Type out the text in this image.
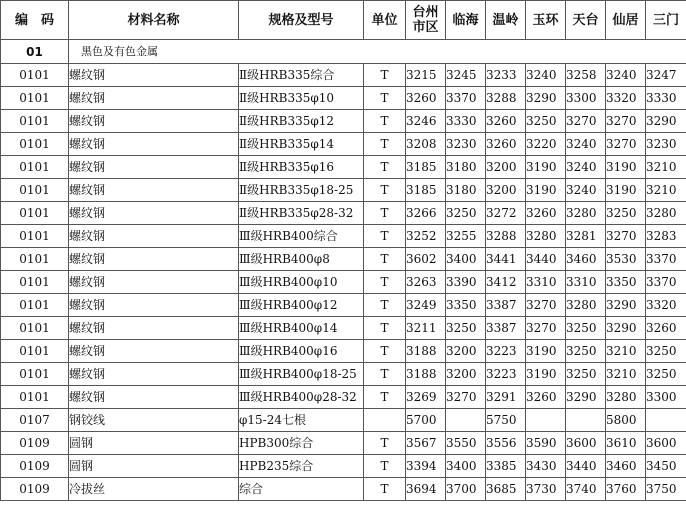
编　码	材料名称	规格及型号	单位	台州市区	临海	温岭	玉环	天台	仙居	三门
01	黑色及有色金属									
0101	螺纹钢	Ⅱ级HRB335综合	T	3215	3245	3233	3240	3258	3240	3247
0101	螺纹钢	Ⅱ级HRB335φ10	T	3260	3370	3288	3290	3300	3320	3330
0101	螺纹钢	Ⅱ级HRB335φ12	T	3246	3330	3260	3250	3270	3270	3290
0101	螺纹钢	Ⅱ级HRB335φ14	T	3208	3230	3260	3220	3240	3270	3230
0101	螺纹钢	Ⅱ级HRB335φ16	T	3185	3180	3200	3190	3240	3190	3210
0101	螺纹钢	Ⅱ级HRB335φ18-25	T	3185	3180	3200	3190	3240	3190	3210
0101	螺纹钢	Ⅱ级HRB335φ28-32	T	3266	3250	3272	3260	3280	3250	3280
0101	螺纹钢	Ⅲ级HRB400综合	T	3252	3255	3288	3280	3281	3270	3283
0101	螺纹钢	Ⅲ级HRB400φ8	T	3602	3400	3441	3440	3460	3530	3370
0101	螺纹钢	Ⅲ级HRB400φ10	T	3263	3390	3412	3310	3310	3350	3370
0101	螺纹钢	Ⅲ级HRB400φ12	T	3249	3350	3387	3270	3280	3290	3320
0101	螺纹钢	Ⅲ级HRB400φ14	T	3211	3250	3387	3270	3250	3290	3260
0101	螺纹钢	Ⅲ级HRB400φ16	T	3188	3200	3223	3190	3250	3210	3250
0101	螺纹钢	Ⅲ级HRB400φ18-25	T	3188	3200	3223	3190	3250	3210	3250
0101	螺纹钢	Ⅲ级HRB400φ28-32	T	3269	3270	3291	3260	3290	3280	3300
0107	钢铰线	φ15-24七根		5700		5750			5800	
0109	圆钢	HPB300综合	T	3567	3550	3556	3590	3600	3610	3600
0109	圆钢	HPB235综合	T	3394	3400	3385	3430	3440	3460	3450
0109	冷拔丝	综合	T	3694	3700	3685	3730	3740	3760	3750
